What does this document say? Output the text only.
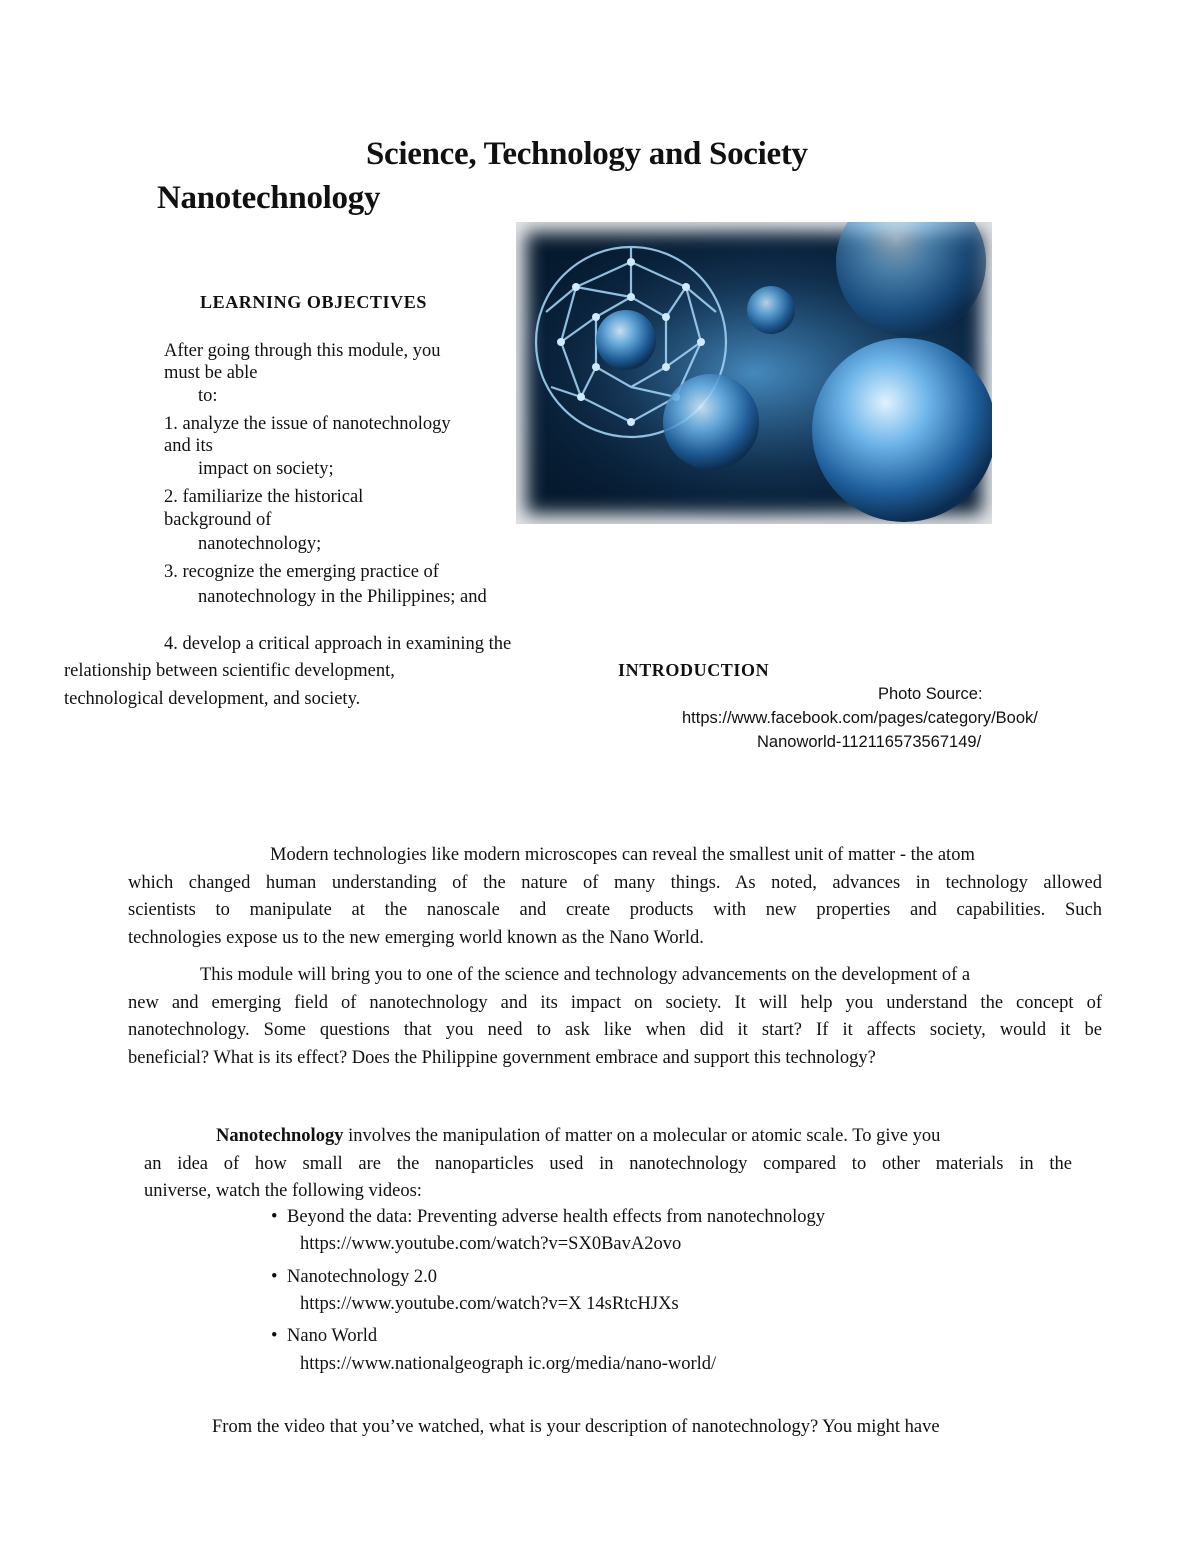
Science, Technology and Society
Nanotechnology
LEARNING OBJECTIVES
After going through this module, you
must be able
to:
1. analyze the issue of nanotechnology
and its
impact on society;
2. familiarize the historical
background of
nanotechnology;
3. recognize the emerging practice of
nanotechnology in the Philippines; and
4. develop a critical approach in examining the
relationship between scientific development,
technological development, and society.
INTRODUCTION
Photo Source:
https://www.facebook.com/pages/category/Book/
Nanoworld-112116573567149/
Modern technologies like modern microscopes can reveal the smallest unit of matter - the atom
which changed human understanding of the nature of many things. As noted, advances in technology allowed
scientists to manipulate at the nanoscale and create products with new properties and capabilities. Such
technologies expose us to the new emerging world known as the Nano World.
This module will bring you to one of the science and technology advancements on the development of a
new and emerging field of nanotechnology and its impact on society. It will help you understand the concept of
nanotechnology. Some questions that you need to ask like when did it start? If it affects society, would it be
beneficial? What is its effect? Does the Philippine government embrace and support this technology?
Nanotechnology involves the manipulation of matter on a molecular or atomic scale. To give you
an idea of how small are the nanoparticles used in nanotechnology compared to other materials in the
universe, watch the following videos:
• Beyond the data: Preventing adverse health effects from nanotechnology
https://www.youtube.com/watch?v=SX0BavA2ovo
• Nanotechnology 2.0
https://www.youtube.com/watch?v=X 14sRtcHJXs
• Nano World
https://www.nationalgeograph ic.org/media/nano-world/
From the video that you’ve watched, what is your description of nanotechnology? You might have
